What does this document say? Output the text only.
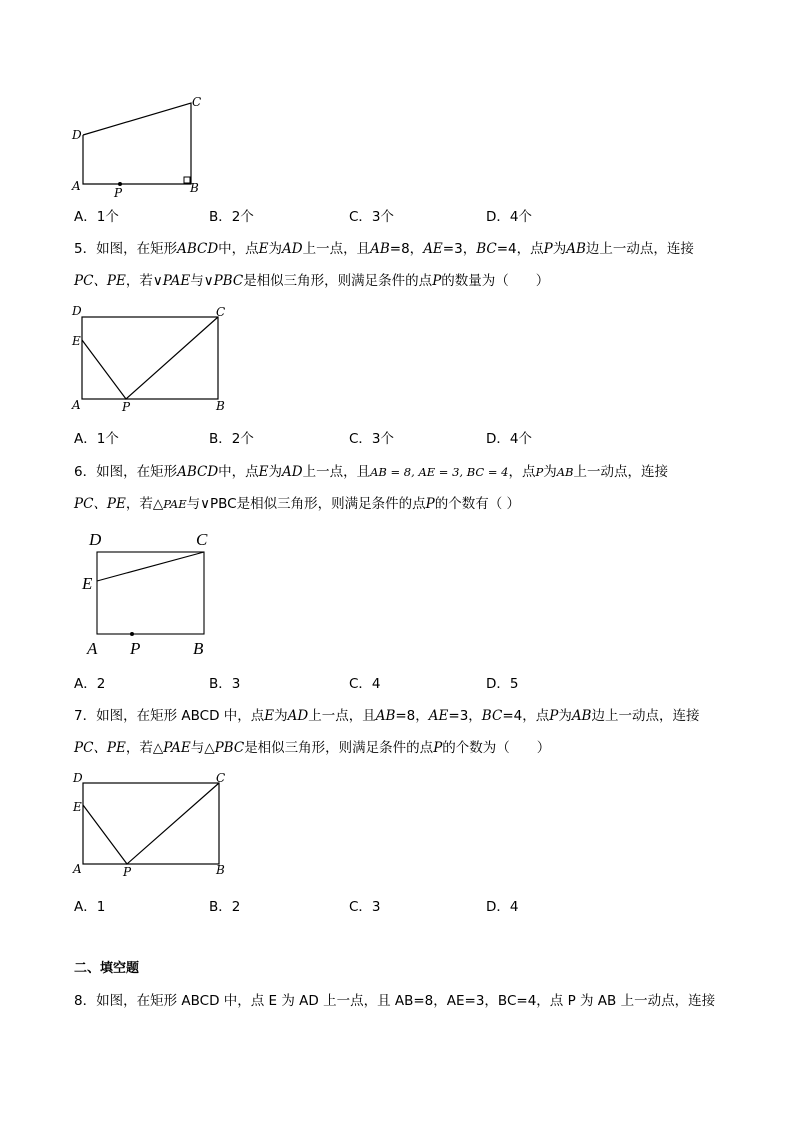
D
C
A	B
P
A．1个	B．2个	C．3个	D．4个
5．如图，在矩形ABCD中，点E为AD上一点，且AB=8，AE=3，BC=4，点P为AB边上一动点，连接
PC、PE，若∨PAE与∨PBC是相似三角形，则满足条件的点P的数量为（　　）
D	C
E
A	P	B
A．1个	B．2个	C．3个	D．4个
6．如图，在矩形ABCD中，点E为AD上一点，且AB = 8, AE = 3, BC = 4，点P为AB上一动点，连接
PC、PE，若△PAE与∨PBC是相似三角形，则满足条件的点P的个数有（ ）
D	C
E
A P	B
A．2	B．3	C．4	D．5
7．如图，在矩形 ABCD 中，点E为AD上一点，且AB=8，AE=3，BC=4，点P为AB边上一动点，连接
PC、PE，若△PAE与△PBC是相似三角形，则满足条件的点P的个数为（　　）
D	C
E
A	P	B
A．1	B．2	C．3	D．4
二、填空题
8．如图，在矩形 ABCD 中，点 E 为 AD 上一点，且 AB=8，AE=3，BC=4，点 P 为 AB 上一动点，连接
